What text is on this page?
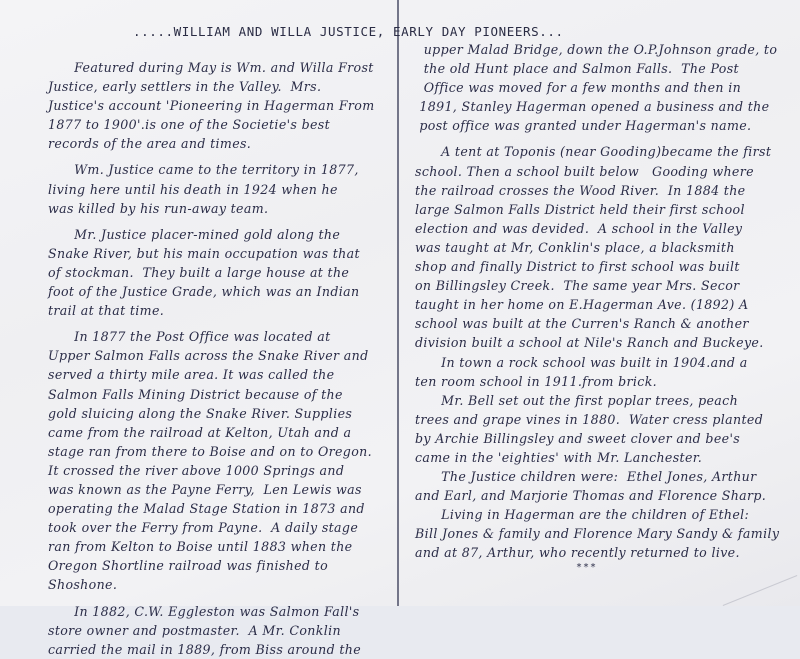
.....WILLIAM AND WILLA JUSTICE, EARLY DAY PIONEERS...
Featured during May is Wm. and Willa Frost
Justice, early settlers in the Valley.  Mrs.
Justice's account 'Pioneering in Hagerman From
1877 to 1900'.is one of the Societie's best
records of the area and times.
Wm. Justice came to the territory in 1877,
living here until his death in 1924 when he
was killed by his run-away team.
Mr. Justice placer-mined gold along the
Snake River, but his main occupation was that
of stockman.  They built a large house at the
foot of the Justice Grade, which was an Indian
trail at that time.
In 1877 the Post Office was located at
Upper Salmon Falls across the Snake River and
served a thirty mile area. It was called the
Salmon Falls Mining District because of the
gold sluicing along the Snake River. Supplies
came from the railroad at Kelton, Utah and a
stage ran from there to Boise and on to Oregon.
It crossed the river above 1000 Springs and
was known as the Payne Ferry,  Len Lewis was
operating the Malad Stage Station in 1873 and
took over the Ferry from Payne.  A daily stage
ran from Kelton to Boise until 1883 when the
Oregon Shortline railroad was finished to
Shoshone.
In 1882, C.W. Eggleston was Salmon Fall's
store owner and postmaster.  A Mr. Conklin
carried the mail in 1889, from Biss around the
upper Malad Bridge, down the O.P.Johnson grade, to
the old Hunt place and Salmon Falls.  The Post
Office was moved for a few months and then in
1891, Stanley Hagerman opened a business and the
post office was granted under Hagerman's name.
A tent at Toponis (near Gooding)became the first
school. Then a school built below   Gooding where
the railroad crosses the Wood River.  In 1884 the
large Salmon Falls District held their first school
election and was devided.  A school in the Valley
was taught at Mr, Conklin's place, a blacksmith
shop and finally District to first school was built
on Billingsley Creek.  The same year Mrs. Secor
taught in her home on E.Hagerman Ave. (1892) A
school was built at the Curren's Ranch & another
division built a school at Nile's Ranch and Buckeye.
In town a rock school was built in 1904.and a
ten room school in 1911.from brick.
Mr. Bell set out the first poplar trees, peach
trees and grape vines in 1880.  Water cress planted
by Archie Billingsley and sweet clover and bee's
came in the 'eighties' with Mr. Lanchester.
The Justice children were:  Ethel Jones, Arthur
and Earl, and Marjorie Thomas and Florence Sharp.
Living in Hagerman are the children of Ethel:
Bill Jones & family and Florence Mary Sandy & family
and at 87, Arthur, who recently returned to live.
***
